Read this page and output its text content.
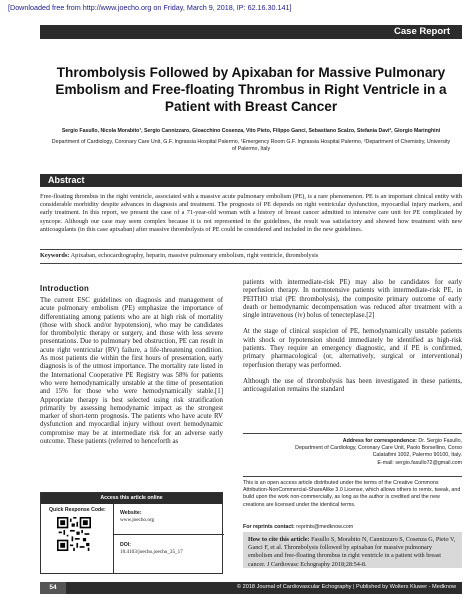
[Downloaded free from http://www.joecho.org on Friday, March 9, 2018, IP: 62.16.30.141]
Case Report
Thrombolysis Followed by Apixaban for Massive Pulmonary Embolism and Free-floating Thrombus in Right Ventricle in a Patient with Breast Cancer
Sergio Fasullo, Nicola Morabito¹, Sergio Cannizzaro, Gioacchino Cosenza, Vito Pieto, Filippo Ganci, Sebastiano Scalzo, Stefania Davi², Giorgio Maringhini
Department of Cardiology, Coronary Care Unit, G.F. Ingrassia Hospital Palermo, ¹Emergency Room G.F. Ingrassia Hospital Palermo, ²Department of Chemistry, University of Palermo, Italy
Abstract

Free-floating thrombus in the right ventricle, associated with a massive acute pulmonary embolism (PE), is a rare phenomenon. PE is an important clinical entity with considerable morbidity despite advances in diagnosis and treatment. The prognosis of PE depends on right ventricular dysfunction, myocardial injury markers, and early treatment. In this report, we present the case of a 71-year-old woman with a history of breast cancer admitted to intensive care unit for PE complicated by syncope. Although our case may seem complex because it is not represented in the guidelines, the result was satisfactory and showed how treatment with new anticoagulants (in this case apixaban) after massive thrombolysis of PE could be considered and included in the new guidelines.

Keywords: Apixaban, echocardiography, heparin, massive pulmonary embolism, right ventricle, thrombolysis
Introduction

The current ESC guidelines on diagnosis and management of acute pulmonary embolism (PE) emphasize the importance of differentiating among patients who are at high risk of mortality (those with shock and/or hypotension), who may be candidates for thrombolytic therapy or surgery, and those with less severe presentations. Due to pulmonary bed obstruction, PE can result in acute right ventricular (RV) failure, a life-threatening condition. As most patients die within the first hours of presentation, early diagnosis is of the utmost importance. The mortality rate listed in the International Cooperative PE Registry was 58% for patients who were hemodynamically unstable at the time of presentation and 15% for those who were hemodynamically stable.[1] Appropriate therapy is best selected using risk stratification primarily by assessing hemodynamic impact as the strongest marker of short-term prognosis. The patients who have acute RV dysfunction and myocardial injury without overt hemodynamic compromise may be at intermediate risk for an adverse early outcome. These patients (referred to henceforth as

patients with intermediate-risk PE) may also be candidates for early reperfusion therapy. In normotensive patients with intermediate-risk PE, in PEITHO trial (PE thrombolysis), the composite primary outcome of early death or hemodynamic decompensation was reduced after treatment with a single intravenous (iv) bolus of tenecteplase.[2]

At the stage of clinical suspicion of PE, hemodynamically unstable patients with shock or hypotension should immediately be identified as high-risk patients. They require an emergency diagnostic, and if PE is confirmed, primary pharmacological (or, alternatively, surgical or interventional) reperfusion therapy was performed.

Although the use of thrombolysis has been investigated in these patients, anticoagulation remains the standard

Address for correspondence: Dr. Sergio Fasullo,
Department of Cardiology, Coronary Care Unit, Paolo Borsellino, Corso
Calatafimi 1002, Palermo 90100, Italy.
E-mail: sergio.fasullo72@gmail.com
Access this article online
Quick Response Code:	Website:
www.joecho.org
DOI:
10.4103/joecho.joecho_35_17

This is an open access article distributed under the terms of the Creative Commons Attribution-NonCommercial-ShareAlike 3.0 License, which allows others to remix, tweak, and build upon the work non-commercially, as long as the author is credited and the new creations are licensed under the identical terms.

For reprints contact: reprints@medknow.com
How to cite this article: Fasullo S, Morabito N, Cannizzaro S, Cosenza G, Pieto V, Ganci F, et al. Thrombolysis followed by apixaban for massive pulmonary embolism and free-floating thrombus in right ventricle in a patient with breast cancer. J Cardiovasc Echography 2018;28:54-8.
54	© 2018 Journal of Cardiovascular Echography | Published by Wolters Kluwer - Medknow
